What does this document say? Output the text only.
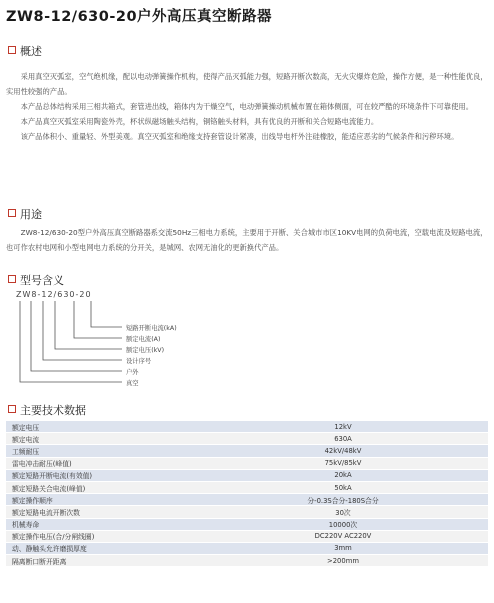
ZW8-12/630-20户外高压真空断路器
概述

采用真空灭弧室，空气绝机缘，配以电动弹簧操作机构，使得产品灭弧能力强，短路开断次数高，无火灾爆炸危险，操作方便，是一种性能优良，实用性较强的产品。

本产品总体结构采用三相共箱式，套管进出线，箱体内为干燥空气，电动弹簧操动机械布置在箱体侧面，可在较严酷的环境条件下可靠使用。

本产品真空灭弧室采用陶瓷外壳，杯状纵磁场触头结构，铜铬触头材料，具有优良的开断和关合短路电流能力。

该产品体积小、重量轻、外型美观。真空灭弧室和绝缘支持套管设计紧凑，出线导电杆外注硅橡胶，能适应恶劣的气候条件和污秽环境。

用途

ZW8-12/630-20型户外高压真空断路器系交流50Hz三相电力系统，主要用于开断、关合城市市区10KV电网的负荷电流，空载电流及短路电流，也可作农村电网和小型电网电力系统的分开关，是城网、农网无油化的更新换代产品。

型号含义
ZW8-12/630-20
短路开断电流(kA)
额定电流(A)
额定电压(kV)
设计序号
户外
真空
主要技术数据
额定电压	12kV
额定电流	630A
工频耐压	42kV/48kV
雷电冲击耐压(峰值)	75kV/85kV
额定短路开断电流(有效值)	20kA
额定短路关合电流(峰值)	50kA
额定操作顺序	分-0.3S合分-180S合分
额定短路电流开断次数	30次
机械寿命	10000次
额定操作电压(合/分闸线圈)	DC220V AC220V
动、静触头允许磨损厚度	3mm
隔离断口断开距离	>200mm
